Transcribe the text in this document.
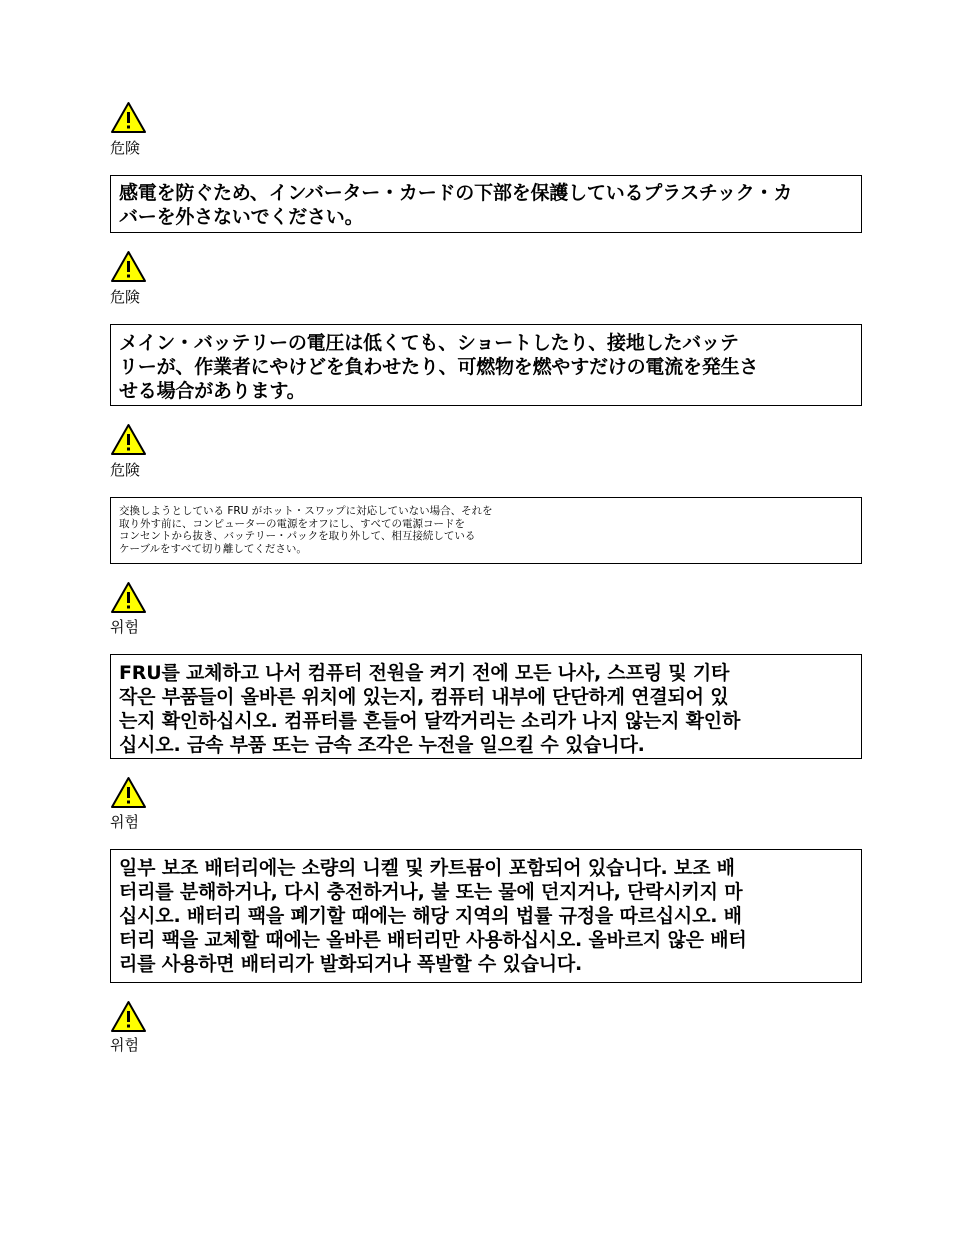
危険

感電を防ぐため、インバーター・カードの下部を保護しているプラスチック・カ
バーを外さないでください。

危険

メイン・バッテリーの電圧は低くても、ショートしたり、接地したバッテ
リーが、作業者にやけどを負わせたり、可燃物を燃やすだけの電流を発生さ
せる場合があります。

危険

交換しようとしている FRU がホット・スワップに対応していない場合、それを
取り外す前に、コンピューターの電源をオフにし、すべての電源コードを
コンセントから抜き、バッテリー・パックを取り外して、相互接続している
ケーブルをすべて切り離してください。

위험

FRU를 교체하고 나서 컴퓨터 전원을 켜기 전에 모든 나사, 스프링 및 기타
작은 부품들이 올바른 위치에 있는지, 컴퓨터 내부에 단단하게 연결되어 있
는지 확인하십시오. 컴퓨터를 흔들어 달깍거리는 소리가 나지 않는지 확인하
십시오. 금속 부품 또는 금속 조각은 누전을 일으킬 수 있습니다.

위험

일부 보조 배터리에는 소량의 니켈 및 카트뮴이 포함되어 있습니다. 보조 배
터리를 분해하거나, 다시 충전하거나, 불 또는 물에 던지거나, 단락시키지 마
십시오. 배터리 팩을 폐기할 때에는 해당 지역의 법률 규정을 따르십시오. 배
터리 팩을 교체할 때에는 올바른 배터리만 사용하십시오. 올바르지 않은 배터
리를 사용하면 배터리가 발화되거나 폭발할 수 있습니다.

위험
